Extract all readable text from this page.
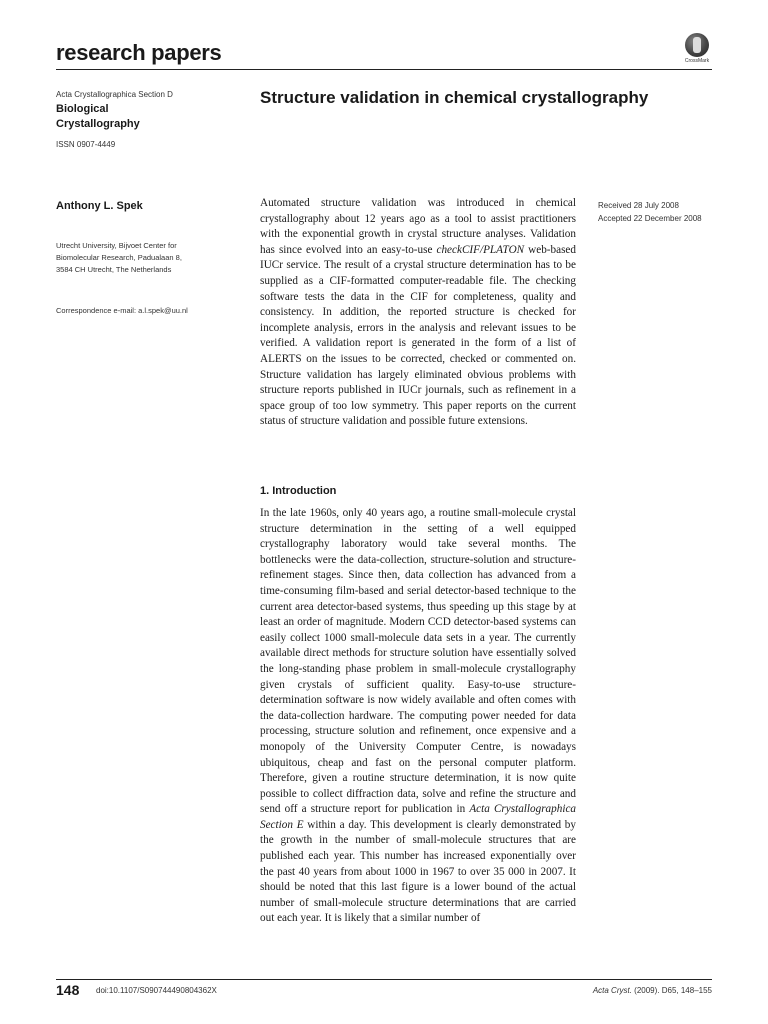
research papers	CrossMark
Acta Crystallographica Section D
Biological
Crystallography
ISSN 0907-4449
Structure validation in chemical crystallography
Anthony L. Spek
Utrecht University, Bijvoet Center for
Biomolecular Research, Padualaan 8,
3584 CH Utrecht, The Netherlands
Correspondence e-mail: a.l.spek@uu.nl
Received 28 July 2008
Accepted 22 December 2008
Automated structure validation was introduced in chemical crystallography about 12 years ago as a tool to assist practitioners with the exponential growth in crystal structure analyses. Validation has since evolved into an easy-to-use checkCIF/PLATON web-based IUCr service. The result of a crystal structure determination has to be supplied as a CIF-formatted computer-readable file. The checking software tests the data in the CIF for completeness, quality and consistency. In addition, the reported structure is checked for incomplete analysis, errors in the analysis and relevant issues to be verified. A validation report is generated in the form of a list of ALERTS on the issues to be corrected, checked or commented on. Structure validation has largely eliminated obvious problems with structure reports published in IUCr journals, such as refinement in a space group of too low symmetry. This paper reports on the current status of structure validation and possible future extensions.
1. Introduction
In the late 1960s, only 40 years ago, a routine small-molecule crystal structure determination in the setting of a well equipped crystallography laboratory would take several months. The bottlenecks were the data-collection, structure-solution and structure-refinement stages. Since then, data collection has advanced from a time-consuming film-based and serial detector-based technique to the current area detector-based systems, thus speeding up this stage by at least an order of magnitude. Modern CCD detector-based systems can easily collect 1000 small-molecule data sets in a year. The currently available direct methods for structure solution have essentially solved the long-standing phase problem in small-molecule crystallography given crystals of sufficient quality. Easy-to-use structure-determination software is now widely available and often comes with the data-collection hardware. The computing power needed for data processing, structure solution and refinement, once expensive and a monopoly of the University Computer Centre, is nowadays ubiquitous, cheap and fast on the personal computer platform. Therefore, given a routine structure determination, it is now quite possible to collect diffraction data, solve and refine the structure and send off a structure report for publication in Acta Crystallographica Section E within a day. This development is clearly demonstrated by the growth in the number of small-molecule structures that are published each year. This number has increased exponentially over the past 40 years from about 1000 in 1967 to over 35 000 in 2007. It should be noted that this last figure is a lower bound of the actual number of small-molecule structure determinations that are carried out each year. It is likely that a similar number of
148 doi:10.1107/S090744490804362X	Acta Cryst. (2009). D65, 148–155
